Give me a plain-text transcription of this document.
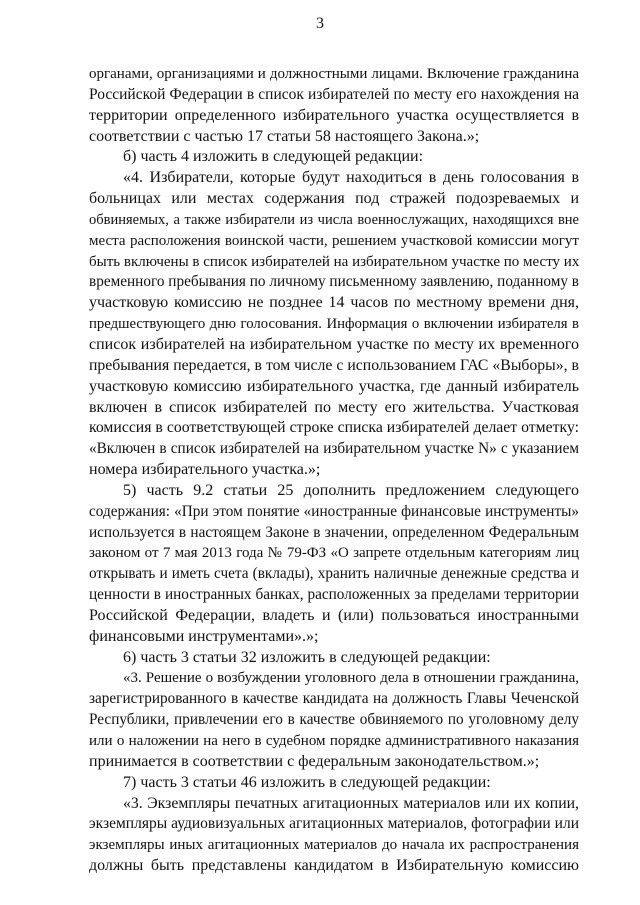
3
органами, организациями и должностными лицами. Включение гражданина
Российской Федерации в список избирателей по месту его нахождения на
территории определенного избирательного участка осуществляется в
соответствии с частью 17 статьи 58 настоящего Закона.»;
б) часть 4 изложить в следующей редакции:
«4. Избиратели, которые будут находиться в день голосования в
больницах или местах содержания под стражей подозреваемых и
обвиняемых, а также избиратели из числа военнослужащих, находящихся вне
места расположения воинской части, решением участковой комиссии могут
быть включены в список избирателей на избирательном участке по месту их
временного пребывания по личному письменному заявлению, поданному в
участковую комиссию не позднее 14 часов по местному времени дня,
предшествующего дню голосования. Информация о включении избирателя в
список избирателей на избирательном участке по месту их временного
пребывания передается, в том числе с использованием ГАС «Выборы», в
участковую комиссию избирательного участка, где данный избиратель
включен в список избирателей по месту его жительства. Участковая
комиссия в соответствующей строке списка избирателей делает отметку:
«Включен в список избирателей на избирательном участке N» с указанием
номера избирательного участка.»;
5) часть 9.2 статьи 25 дополнить предложением следующего
содержания: «При этом понятие «иностранные финансовые инструменты»
используется в настоящем Законе в значении, определенном Федеральным
законом от 7 мая 2013 года № 79-ФЗ «О запрете отдельным категориям лиц
открывать и иметь счета (вклады), хранить наличные денежные средства и
ценности в иностранных банках, расположенных за пределами территории
Российской Федерации, владеть и (или) пользоваться иностранными
финансовыми инструментами».»;
6) часть 3 статьи 32 изложить в следующей редакции:
«3. Решение о возбуждении уголовного дела в отношении гражданина,
зарегистрированного в качестве кандидата на должность Главы Чеченской
Республики, привлечении его в качестве обвиняемого по уголовному делу
или о наложении на него в судебном порядке административного наказания
принимается в соответствии с федеральным законодательством.»;
7) часть 3 статьи 46 изложить в следующей редакции:
«3. Экземпляры печатных агитационных материалов или их копии,
экземпляры аудиовизуальных агитационных материалов, фотографии или
экземпляры иных агитационных материалов до начала их распространения
должны быть представлены кандидатом в Избирательную комиссию
